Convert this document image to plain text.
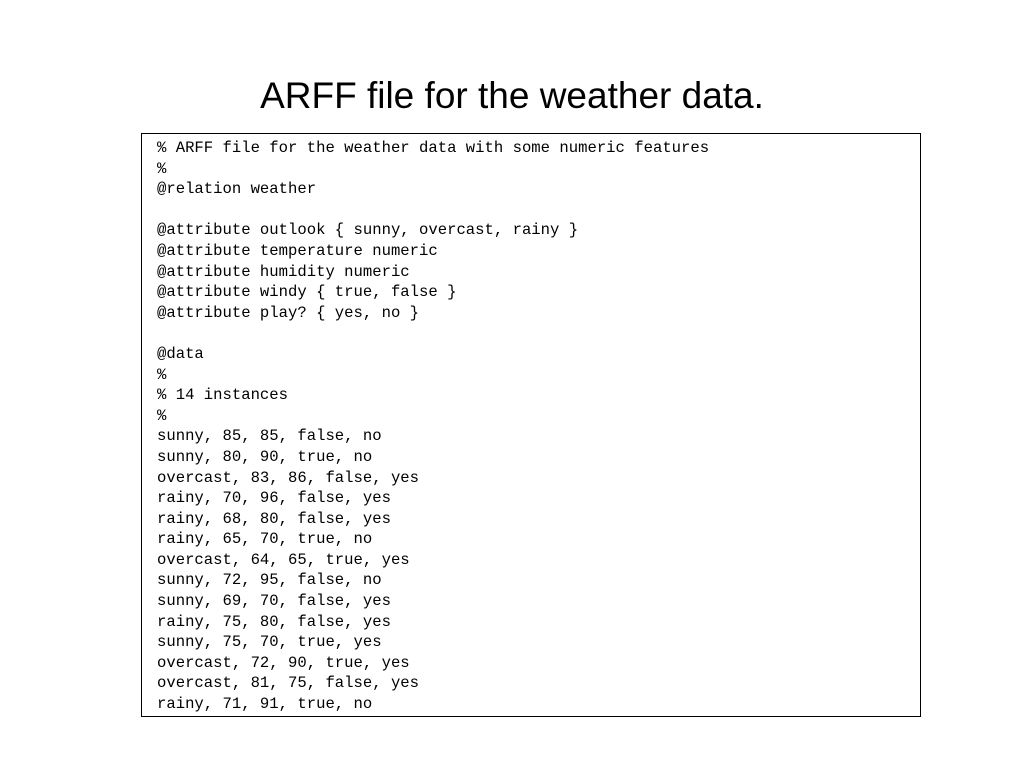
ARFF file for the weather data.
% ARFF file for the weather data with some numeric features
%
@relation weather
@attribute outlook { sunny, overcast, rainy }
@attribute temperature numeric
@attribute humidity numeric
@attribute windy { true, false }
@attribute play? { yes, no }
@data
%
% 14 instances
%
sunny, 85, 85, false, no
sunny, 80, 90, true, no
overcast, 83, 86, false, yes
rainy, 70, 96, false, yes
rainy, 68, 80, false, yes
rainy, 65, 70, true, no
overcast, 64, 65, true, yes
sunny, 72, 95, false, no
sunny, 69, 70, false, yes
rainy, 75, 80, false, yes
sunny, 75, 70, true, yes
overcast, 72, 90, true, yes
overcast, 81, 75, false, yes
rainy, 71, 91, true, no
